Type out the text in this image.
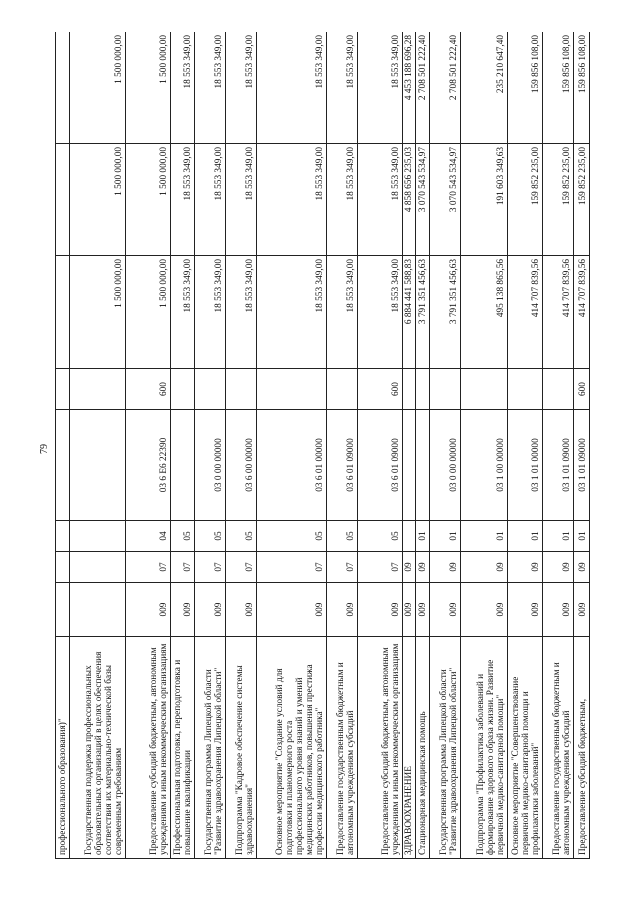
79
профессионального образования)"								
Государственная поддержка профессиональных образовательных организаций в целях обеспечения соответствия их материально-технической базы современным требованиям						1 500 000,00	1 500 000,00	1 500 000,00
Предоставление субсидий бюджетным, автономным учреждениям и иным некоммерческим организациям	009	07	04	03 6 Е6 22390	600	1 500 000,00	1 500 000,00	1 500 000,00
Профессиональная подготовка, переподготовка и повышение квалификации	009	07	05			18 553 349,00	18 553 349,00	18 553 349,00
Государственная программа Липецкой области "Развитие здравоохранения Липецкой области"	009	07	05	03 0 00 00000		18 553 349,00	18 553 349,00	18 553 349,00
Подпрограмма "Кадровое обеспечение системы здравоохранения"	009	07	05	03 6 00 00000		18 553 349,00	18 553 349,00	18 553 349,00
Основное мероприятие "Создание условий для подготовки и планомерного роста профессионального уровня знаний и умений медицинских работников, повышения престижа профессии медицинского работника"	009	07	05	03 6 01 00000		18 553 349,00	18 553 349,00	18 553 349,00
Предоставление государственным бюджетным и автономным учреждениям субсидий	009	07	05	03 6 01 09000		18 553 349,00	18 553 349,00	18 553 349,00
Предоставление субсидий бюджетным, автономным учреждениям и иным некоммерческим организациям	009	07	05	03 6 01 09000	600	18 553 349,00	18 553 349,00	18 553 349,00
ЗДРАВООХРАНЕНИЕ	009	09				6 884 441 588,83	4 858 656 235,03	4 453 188 696,28
Стационарная медицинская помощь	009	09	01			3 791 351 456,63	3 070 543 534,97	2 708 501 222,40
Государственная программа Липецкой области "Развитие здравоохранения Липецкой области"	009	09	01	03 0 00 00000		3 791 351 456,63	3 070 543 534,97	2 708 501 222,40
Подпрограмма "Профилактика заболеваний и формирование здорового образа жизни. Развитие первичной медико-санитарной помощи"	009	09	01	03 1 00 00000		495 138 865,56	191 603 349,63	235 210 647,40
Основное мероприятие "Совершенствование первичной медико-санитарной помощи и профилактики заболеваний"	009	09	01	03 1 01 00000		414 707 839,56	159 852 235,00	159 856 108,00
Предоставление государственным бюджетным и автономным учреждениям субсидий	009	09	01	03 1 01 09000		414 707 839,56	159 852 235,00	159 856 108,00
Предоставление субсидий бюджетным,	009	09	01	03 1 01 09000	600	414 707 839,56	159 852 235,00	159 856 108,00
